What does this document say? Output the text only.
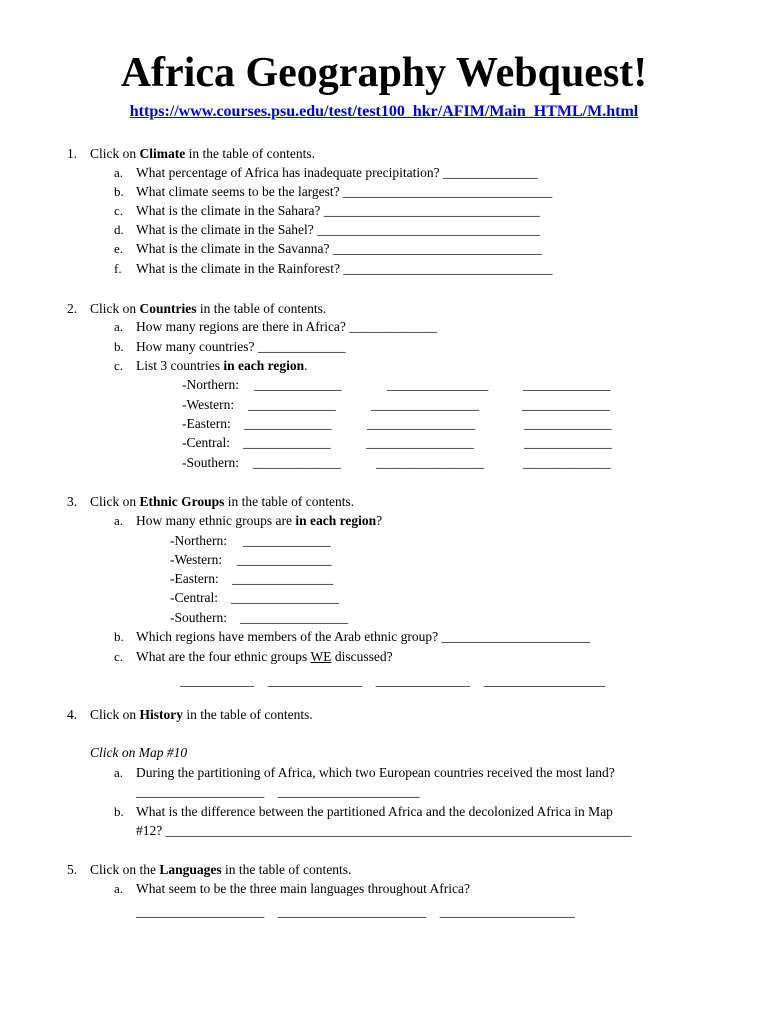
Africa Geography Webquest!
https://www.courses.psu.edu/test/test100_hkr/AFIM/Main_HTML/M.html
1. Click on Climate in the table of contents.
a. What percentage of Africa has inadequate precipitation? ______________
b. What climate seems to be the largest? _______________________________
c. What is the climate in the Sahara? ________________________________
d. What is the climate in the Sahel? _________________________________
e. What is the climate in the Savanna? _______________________________
f. What is the climate in the Rainforest? _______________________________
2. Click on Countries in the table of contents.
a. How many regions are there in Africa? _____________
b. How many countries? _____________
c. List 3 countries in each region.
-Northern: _____________	_______________	_____________
-Western: _____________	________________	_____________
-Eastern: _____________	________________	_____________
-Central: _____________	________________	_____________
-Southern: _____________	________________	_____________
3. Click on Ethnic Groups in the table of contents.
a. How many ethnic groups are in each region?
-Northern: _____________
-Western: ______________
-Eastern: _______________
-Central: ________________
-Southern: ________________
b. Which regions have members of the Arab ethnic group? ______________________
c. What are the four ethnic groups WE discussed?
___________    ______________    ______________    __________________
4. Click on History in the table of contents.
Click on Map #10
a. During the partitioning of Africa, which two European countries received the most land?
___________________    _____________________
b. What is the difference between the partitioned Africa and the decolonized Africa in Map
#12? _____________________________________________________________________
5. Click on the Languages in the table of contents.
a. What seem to be the three main languages throughout Africa?
___________________    ______________________    ____________________
